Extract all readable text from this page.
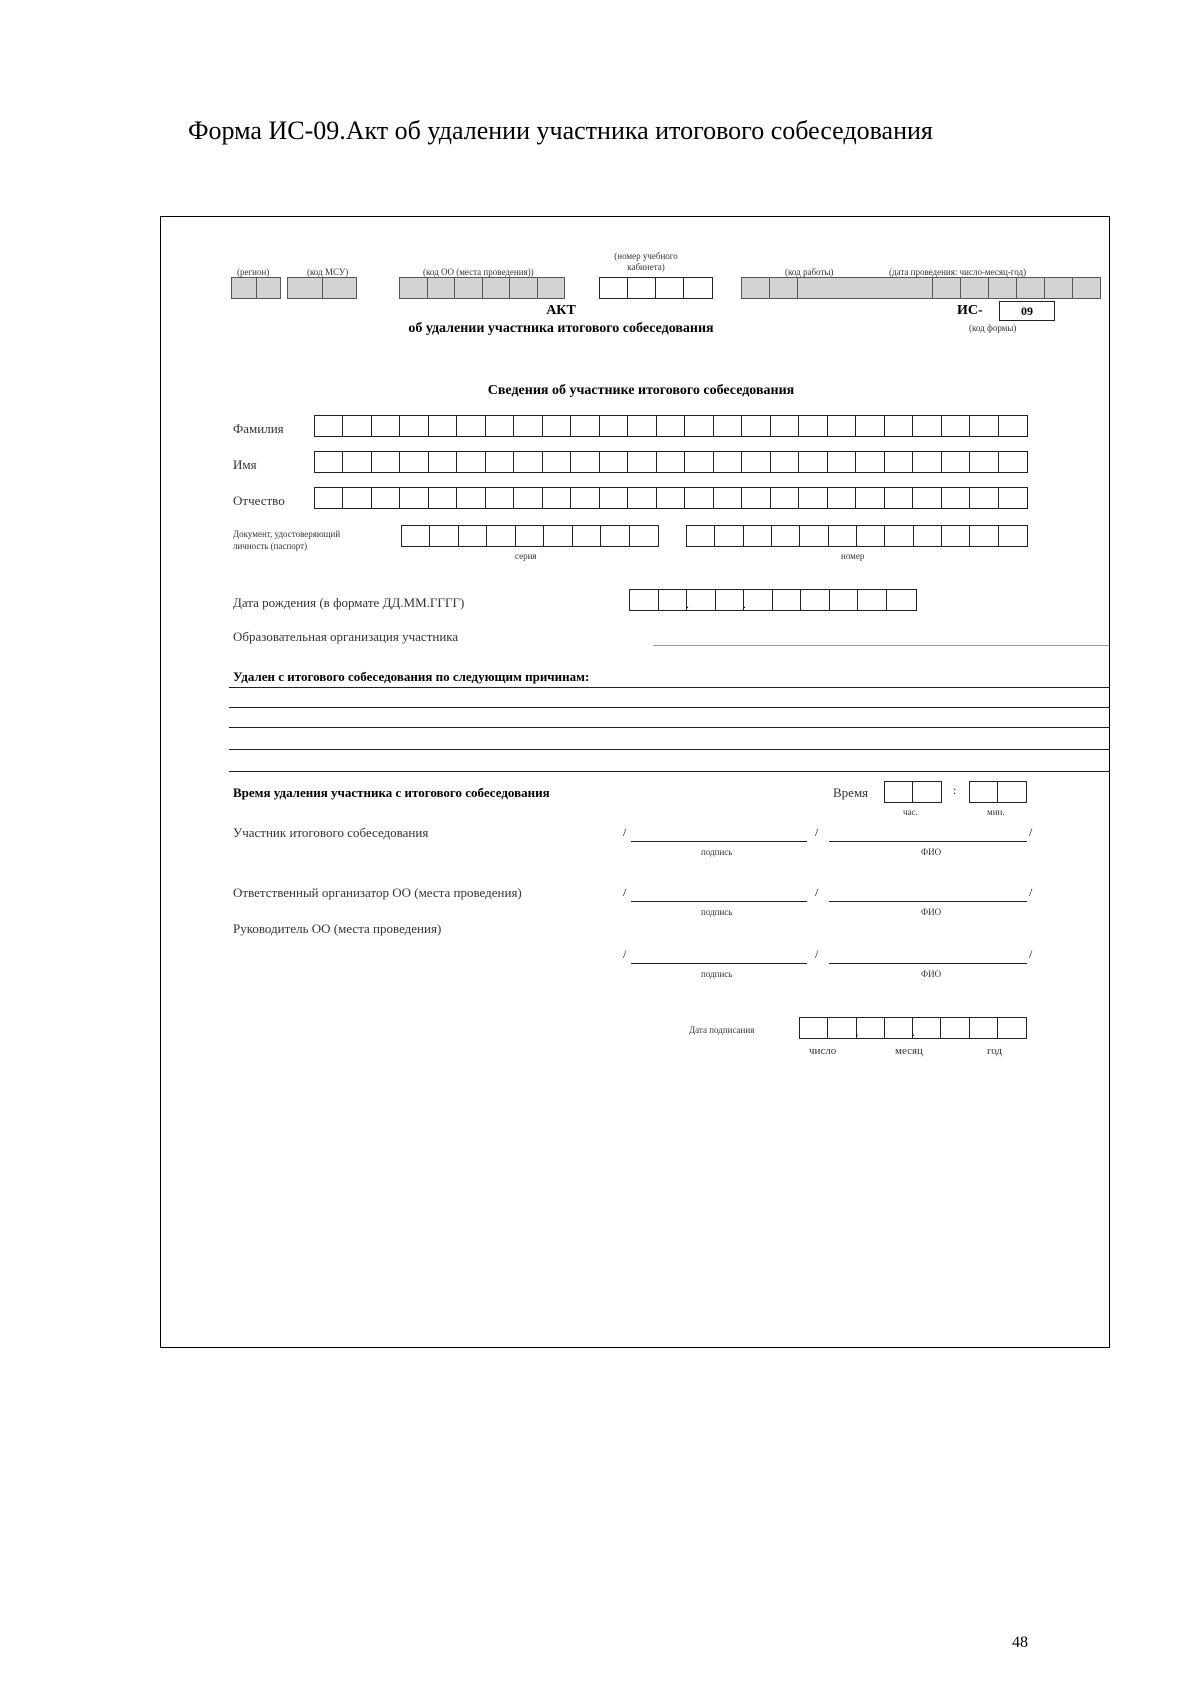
Форма ИС-09.Акт об удалении участника итогового собеседования
(регион)	(код МСУ)	(код ОО (места проведения))
(номер учебного кабинета)	(код работы)	(дата проведения: число-месяц-год)
АКТ
об удалении участника итогового собеседования
ИС-	09
(код формы)
Сведения об участнике итогового собеседования
Фамилия
Имя
Отчество
Документ, удостоверяющий
личность (паспорт)
серия	номер
Дата рождения (в формате ДД.ММ.ГГГГ)
.
.
Образовательная организация участника
Удален с итогового собеседования по следующим причинам:
Время удаления участника с итогового собеседования	Время	:
час.	мин.
Участник итогового собеседования	/	/	/
подпись	ФИО
Ответственный организатор ОО (места проведения)	/	/	/
подпись	ФИО
Руководитель ОО (места проведения)
/	/	/
подпись	ФИО
Дата подписания
.
.
число	месяц	год
48
